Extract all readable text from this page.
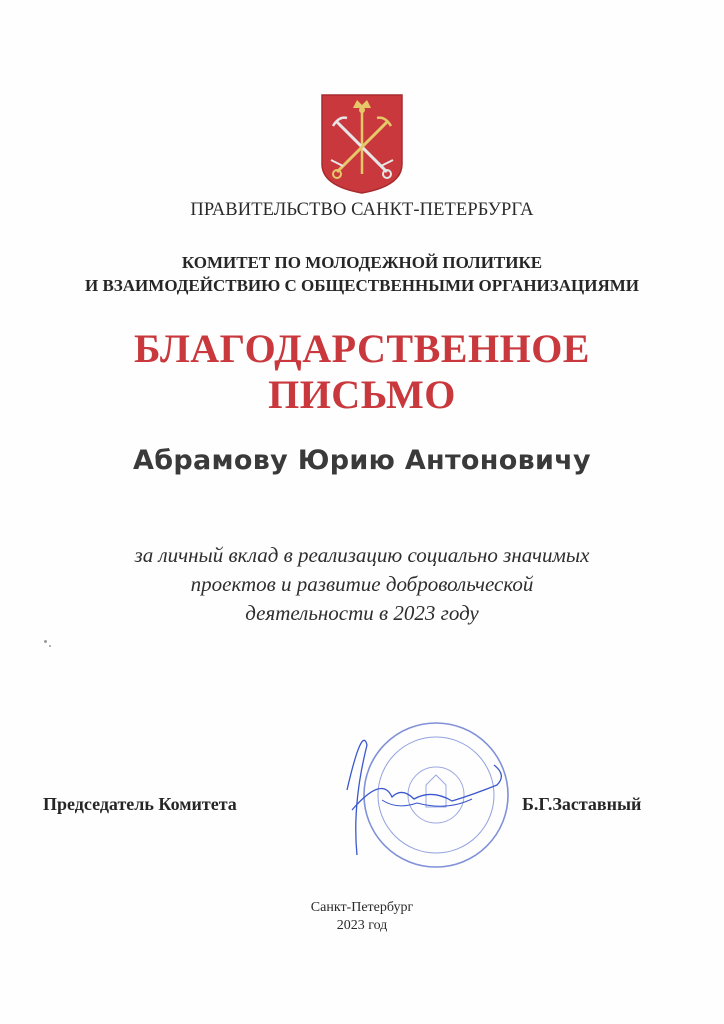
ПРАВИТЕЛЬСТВО САНКТ-ПЕТЕРБУРГА
КОМИТЕТ ПО МОЛОДЕЖНОЙ ПОЛИТИКЕ
И ВЗАИМОДЕЙСТВИЮ С ОБЩЕСТВЕННЫМИ ОРГАНИЗАЦИЯМИ
БЛАГОДАРСТВЕННОЕ
ПИСЬМО
Абрамову Юрию Антоновичу
за личный вклад в реализацию социально значимых
проектов и развитие добровольческой
деятельности в 2023 году
Председатель Комитета	Б.Г.Заставный
Санкт-Петербург
2023 год
